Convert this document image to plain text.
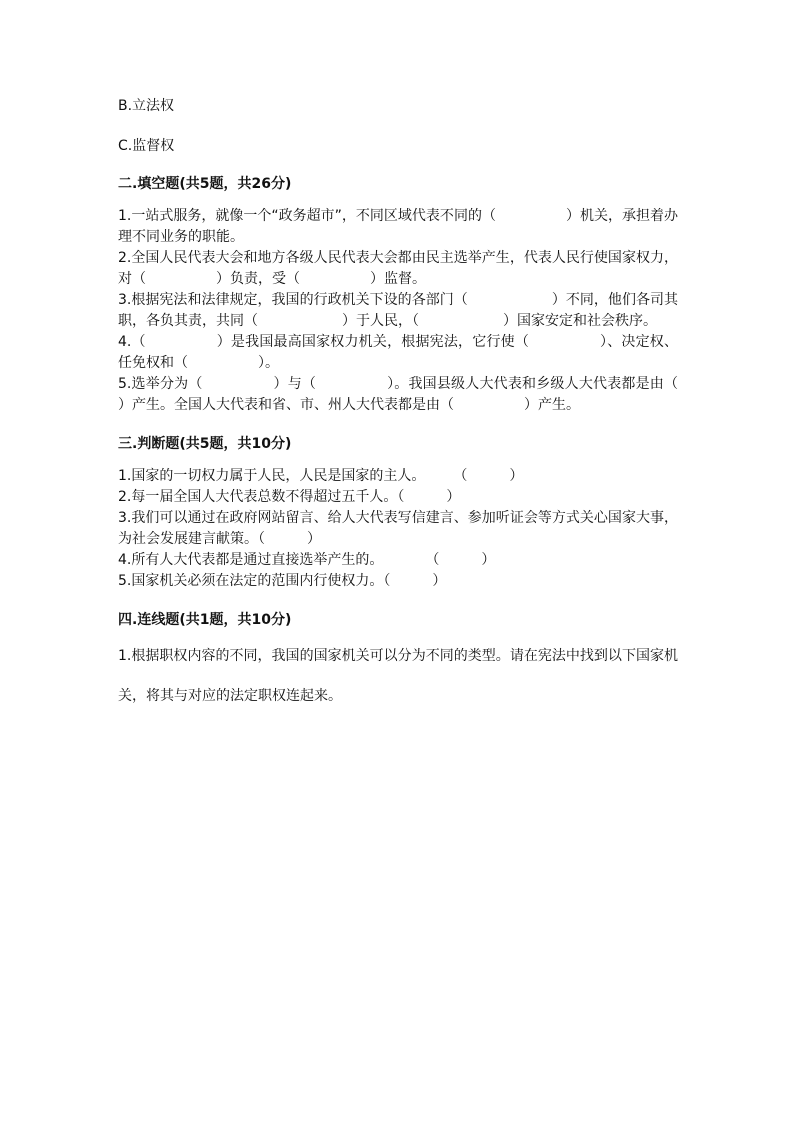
B.立法权

C.监督权

二.填空题(共5题，共26分)

1.一站式服务，就像一个“政务超市”，不同区域代表不同的（　　　　　）机关，承担着办理不同业务的职能。

2.全国人民代表大会和地方各级人民代表大会都由民主选举产生，代表人民行使国家权力，对（　　　　　）负责，受（　　　　　）监督。

3.根据宪法和法律规定，我国的行政机关下设的各部门（　　　　　　）不同，他们各司其职，各负其责，共同（　　　　　　）于人民，（　　　　　　）国家安定和社会秩序。

4.（　　　　　）是我国最高国家权力机关，根据宪法，它行使（　　　　　）、决定权、任免权和（　　　　　）。

5.选举分为（　　　　　）与（　　　　　）。我国县级人大代表和乡级人大代表都是由（　　　　　）产生。全国人大代表和省、市、州人大代表都是由（　　　　　）产生。

三.判断题(共5题，共10分)

1.国家的一切权力属于人民，人民是国家的主人。　　　（　　　）

2.每一届全国人大代表总数不得超过五千人。（　　　）

3.我们可以通过在政府网站留言、给人大代表写信建言、参加听证会等方式关心国家大事，为社会发展建言献策。（　　　）

4.所有人大代表都是通过直接选举产生的。　　　　（　　　）

5.国家机关必须在法定的范围内行使权力。（　　　）

四.连线题(共1题，共10分)

1.根据职权内容的不同，我国的国家机关可以分为不同的类型。请在宪法中找到以下国家机关，将其与对应的法定职权连起来。
